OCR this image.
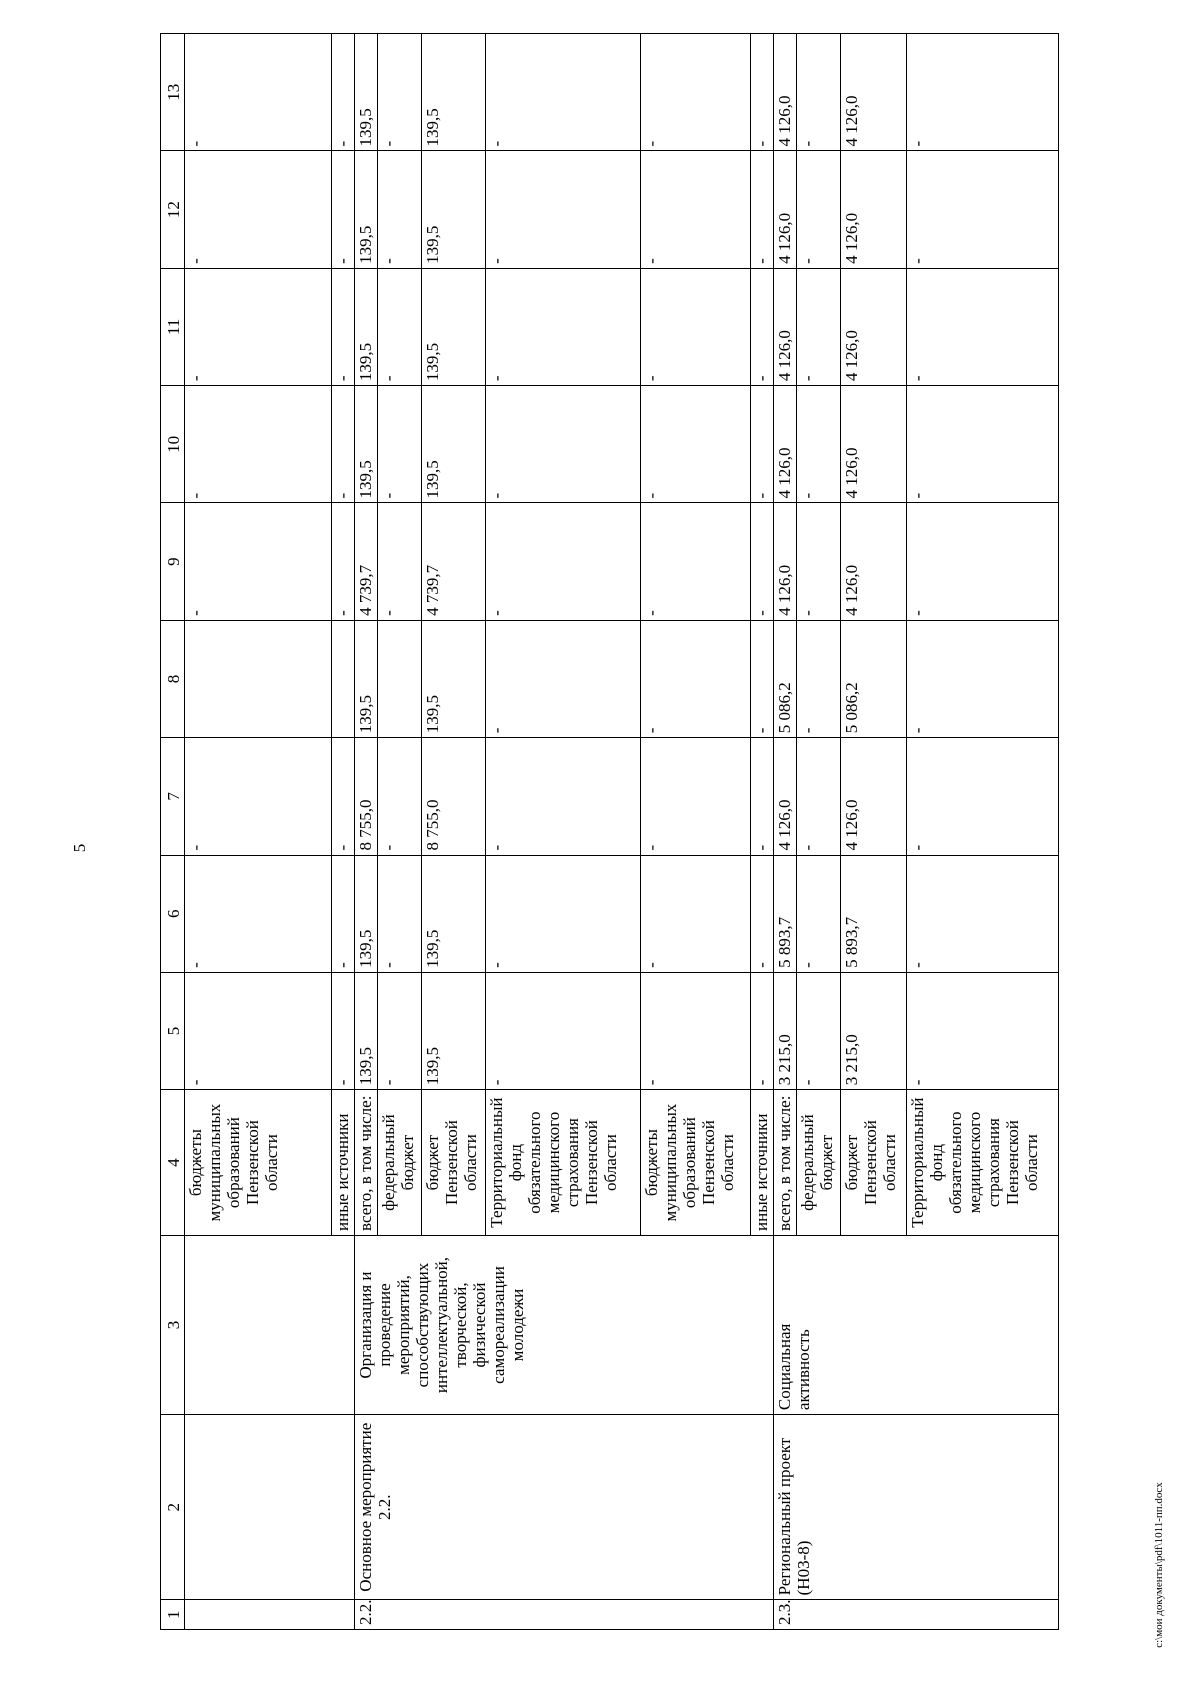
5
1	2	3	4	5	6	7	8	9	10	11	12	13
			бюджеты муниципальных образований Пензенской области	-	-	-		-	-	-	-	-
			иные источники	-	-	-		-	-	-	-	-
2.2.	Основное мероприятие 2.2.	Организация и проведение мероприятий, способствующих интеллектуальной, творческой, физической самореализации молодежи	всего, в том числе:	139,5	139,5	8 755,0	139,5	4 739,7	139,5	139,5	139,5	139,5
			федеральный бюджет	-	-	-		-	-	-	-	-
			бюджет Пензенской области	139,5	139,5	8 755,0	139,5	4 739,7	139,5	139,5	139,5	139,5
			Территориальный фонд обязательного медицинского страхования Пензенской области	-	-	-	-	-	-	-	-	-
			бюджеты муниципальных образований Пензенской области	-	-	-	-	-	-	-	-	-
			иные источники	-	-	-	-	-	-	-	-	-
2.3.	Региональный проект (Н03-8)	Социальная активность	всего, в том числе:	3 215,0	5 893,7	4 126,0	5 086,2	4 126,0	4 126,0	4 126,0	4 126,0	4 126,0
			федеральный бюджет	-	-	-	-	-	-	-	-	-
			бюджет Пензенской области	3 215,0	5 893,7	4 126,0	5 086,2	4 126,0	4 126,0	4 126,0	4 126,0	4 126,0
			Территориальный фонд обязательного медицинского страхования Пензенской области	-	-	-	-	-	-	-	-	-
c:\мои документы\pdf\1011-пп.docx
